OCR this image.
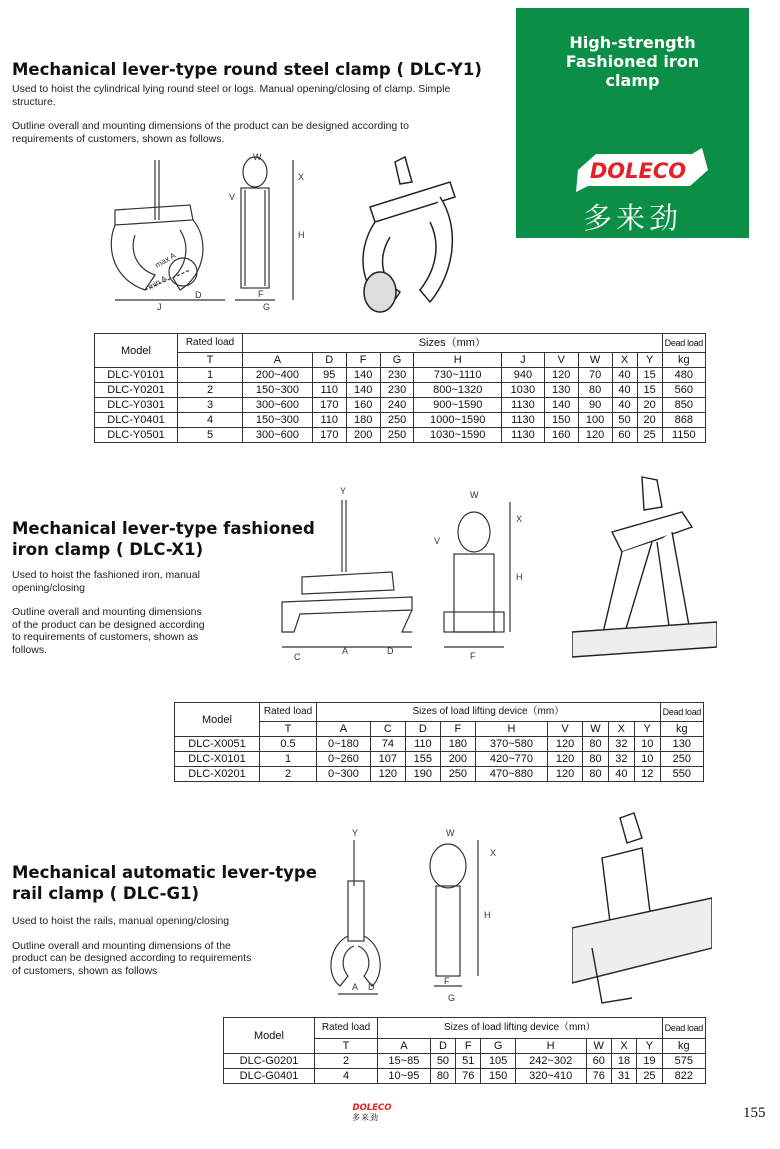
High-strength
Fashioned iron
clamp
DOLECO
多来劲
Mechanical lever-type round steel clamp ( DLC-Y1)
Used to hoist the cylindrical lying round steel or logs. Manual opening/closing of clamp. Simple
structure.
Outline overall and mounting dimensions of the product can be designed according to
requirements of customers, shown as follows.
max A
min A
D
J
W
X
V
H
F
G
Model	Rated load	Sizes（mm）										Dead load
	T	A	D	F	G	H	J	V	W	X	Y	kg
DLC-Y0101	1	200~400	95	140	230	730~1110	940	120	70	40	15	480
DLC-Y0201	2	150~300	110	140	230	800~1320	1030	130	80	40	15	560
DLC-Y0301	3	300~600	170	160	240	900~1590	1130	140	90	40	20	850
DLC-Y0401	4	150~300	110	180	250	1000~1590	1130	150	100	50	20	868
DLC-Y0501	5	300~600	170	200	250	1030~1590	1130	160	120	60	25	1150
Mechanical lever-type fashioned
iron clamp ( DLC-X1)
Used to hoist the fashioned iron, manual
opening/closing
Outline overall and mounting dimensions
of the product can be designed according
to requirements of customers, shown as
follows.
Y
C
A	D
W
X
V
H
F
Model	Rated load	Sizes of load lifting device（mm）									Dead load
	T	A	C	D	F	H	V	W	X	Y	kg
DLC-X0051	0.5	0~180	74	110	180	370~580	120	80	32	10	130
DLC-X0101	1	0~260	107	155	200	420~770	120	80	32	10	250
DLC-X0201	2	0~300	120	190	250	470~880	120	80	40	12	550
Mechanical automatic lever-type
rail clamp ( DLC-G1)
Used to hoist the rails, manual opening/closing
Outline overall and mounting dimensions of the
product can be designed according to requirements
of customers, shown as follows
Y
A D
W
X
H
F
G
Model	Rated load	Sizes of load lifting device（mm）								Dead load
	T	A	D	F	G	H	W	X	Y	kg
DLC-G0201	2	15~85	50	51	105	242~302	60	18	19	575
DLC-G0401	4	10~95	80	76	150	320~410	76	31	25	822
DOLECO
多来劲	155
